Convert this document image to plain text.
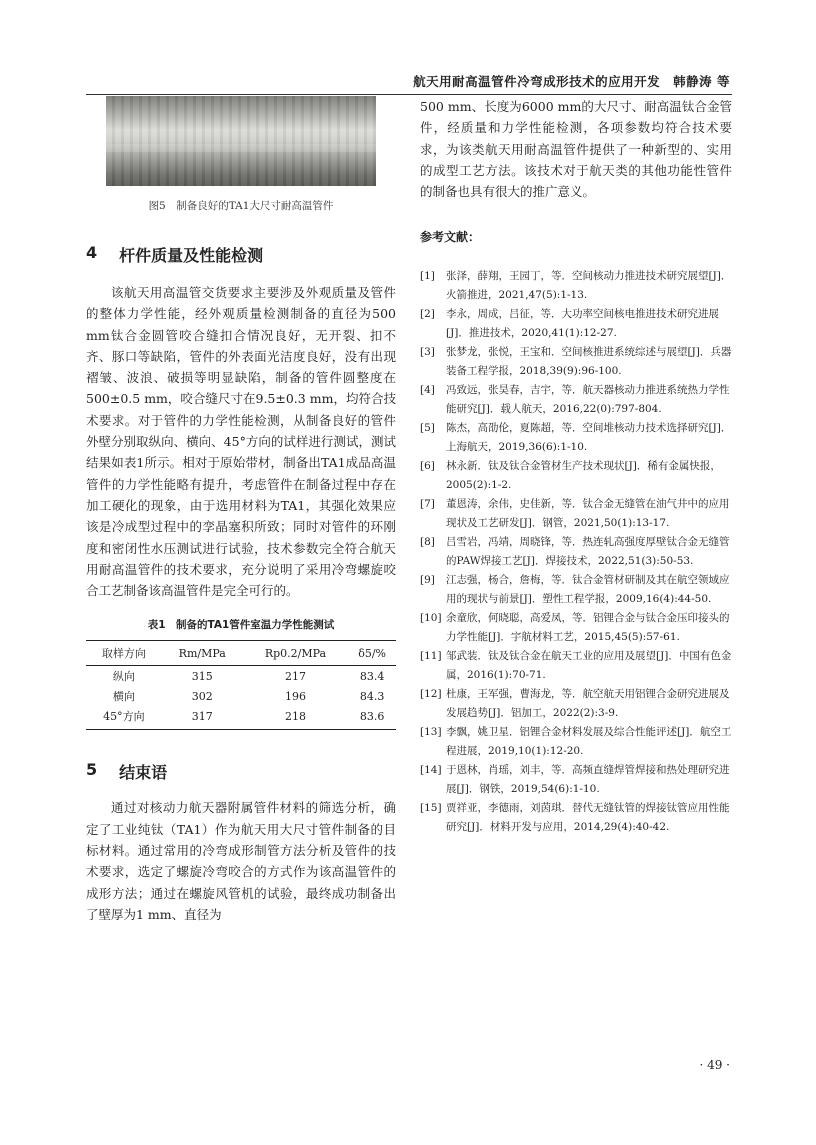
航天用耐高温管件冷弯成形技术的应用开发　韩静涛 等
图5　制备良好的TA1大尺寸耐高温管件
4 杆件质量及性能检测

该航天用高温管交货要求主要涉及外观质量及管件的整体力学性能，经外观质量检测制备的直径为500 mm钛合金圆管咬合缝扣合情况良好，无开裂、扣不齐、豚口等缺陷，管件的外表面光洁度良好，没有出现褶皱、波浪、破损等明显缺陷，制备的管件圆整度在500±0.5 mm，咬合缝尺寸在9.5±0.3 mm，均符合技术要求。对于管件的力学性能检测，从制备良好的管件外壁分别取纵向、横向、45°方向的试样进行测试，测试结果如表1所示。相对于原始带材，制备出TA1成品高温管件的力学性能略有提升，考虑管件在制备过程中存在加工硬化的现象，由于选用材料为TA1，其强化效果应该是冷成型过程中的孪晶塞积所致；同时对管件的环刚度和密闭性水压测试进行试验，技术参数完全符合航天用耐高温管件的技术要求，充分说明了采用冷弯螺旋咬合工艺制备该高温管件是完全可行的。

表1　制备的TA1管件室温力学性能测试
取样方向	Rm/MPa	Rp0.2/MPa	δ5/%
纵向	315	217	83.4
横向	302	196	84.3
45°方向	317	218	83.6
5 结束语

通过对核动力航天器附属管件材料的筛选分析，确定了工业纯钛（TA1）作为航天用大尺寸管件制备的目标材料。通过常用的冷弯成形制管方法分析及管件的技术要求，选定了螺旋冷弯咬合的方式作为该高温管件的成形方法；通过在螺旋风管机的试验，最终成功制备出了壁厚为1 mm、直径为

500 mm、长度为6000 mm的大尺寸、耐高温钛合金管件，经质量和力学性能检测，各项参数均符合技术要求，为该类航天用耐高温管件提供了一种新型的、实用的成型工艺方法。该技术对于航天类的其他功能性管件的制备也具有很大的推广意义。

参考文献：
[1]	张泽，薛翔，王园丁，等．空间核动力推进技术研究展望[J]．火箭推进，2021,47(5):1-13.
[2]	李永，周成，吕征，等．大功率空间核电推进技术研究进展[J]．推进技术，2020,41(1):12-27.
[3]	张梦龙，张悦，王宝和．空间核推进系统综述与展望[J]．兵器装备工程学报，2018,39(9):96-100.
[4]	冯致远，张昊春，吉宇，等．航天器核动力推进系统热力学性能研究[J]．载人航天，2016,22(0):797-804.
[5]	陈杰，高劭伦，夏陈超，等．空间堆核动力技术选择研究[J]．上海航天，2019,36(6):1-10.
[6]	林永新．钛及钛合金管材生产技术现状[J]．稀有金属快报，2005(2):1-2.
[7]	董恩涛，余伟，史佳新，等．钛合金无缝管在油气井中的应用现状及工艺研发[J]．钢管，2021,50(1):13-17.
[8]	吕雪岩，冯靖，周晓锋，等．热连轧高强度厚壁钛合金无缝管的PAW焊接工艺[J]．焊接技术，2022,51(3):50-53.
[9]	江志强，杨合，詹梅，等．钛合金管材研制及其在航空领域应用的现状与前景[J]．塑性工程学报，2009,16(4):44-50.
[10] 余童欣，何晓聪，高爱凤，等．铝锂合金与钛合金压印接头的力学性能[J]．宇航材料工艺，2015,45(5):57-61.
[11] 邹武装．钛及钛合金在航天工业的应用及展望[J]．中国有色金属，2016(1):70-71.
[12] 杜康，王军强，曹海龙，等．航空航天用铝锂合金研究进展及发展趋势[J]．铝加工，2022(2):3-9.
[13] 李飘，姚卫星．铝锂合金材料发展及综合性能评述[J]．航空工程进展，2019,10(1):12-20.
[14] 于恩林，肖瑶，刘丰，等．高频直缝焊管焊接和热处理研究进展[J]．钢铁，2019,54(6):1-10.
[15] 贾祥亚，李德雨，刘茵琪．替代无缝钛管的焊接钛管应用性能研究[J]．材料开发与应用，2014,29(4):40-42.
· 49 ·
